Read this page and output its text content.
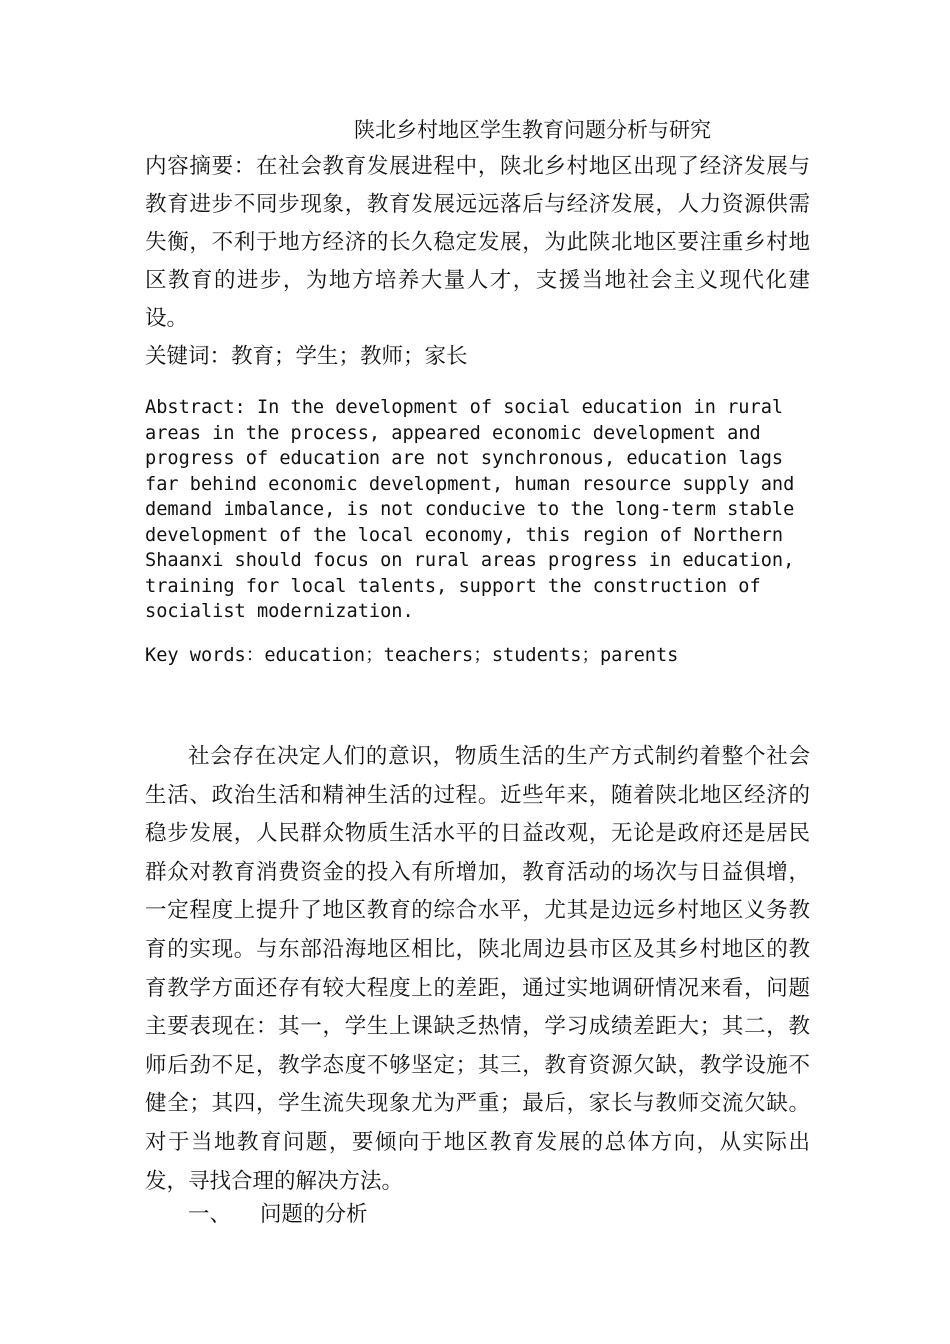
陕北乡村地区学生教育问题分析与研究

内容摘要：在社会教育发展进程中，陕北乡村地区出现了经济发展与教育进步不同步现象，教育发展远远落后与经济发展，人力资源供需失衡，不利于地方经济的长久稳定发展，为此陕北地区要注重乡村地区教育的进步，为地方培养大量人才，支援当地社会主义现代化建设。

关键词：教育；学生；教师；家长

Abstract: In the development of social education in rural
areas in the process, appeared economic development and
progress of education are not synchronous, education lags
far behind economic development, human resource supply and
demand imbalance, is not conducive to the long-term stable
development of the local economy, this region of Northern
Shaanxi should focus on rural areas progress in education,
training for local talents, support the construction of
socialist modernization.
Key words：education；teachers；students；parents

社会存在决定人们的意识，物质生活的生产方式制约着整个社会生活、政治生活和精神生活的过程。近些年来，随着陕北地区经济的稳步发展，人民群众物质生活水平的日益改观，无论是政府还是居民群众对教育消费资金的投入有所增加，教育活动的场次与日益俱增，一定程度上提升了地区教育的综合水平，尤其是边远乡村地区义务教育的实现。与东部沿海地区相比，陕北周边县市区及其乡村地区的教育教学方面还存有较大程度上的差距，通过实地调研情况来看，问题主要表现在：其一，学生上课缺乏热情，学习成绩差距大；其二，教师后劲不足，教学态度不够坚定；其三，教育资源欠缺，教学设施不健全；其四，学生流失现象尤为严重；最后，家长与教师交流欠缺。对于当地教育问题，要倾向于地区教育发展的总体方向，从实际出发，寻找合理的解决方法。

一、	问题的分析
